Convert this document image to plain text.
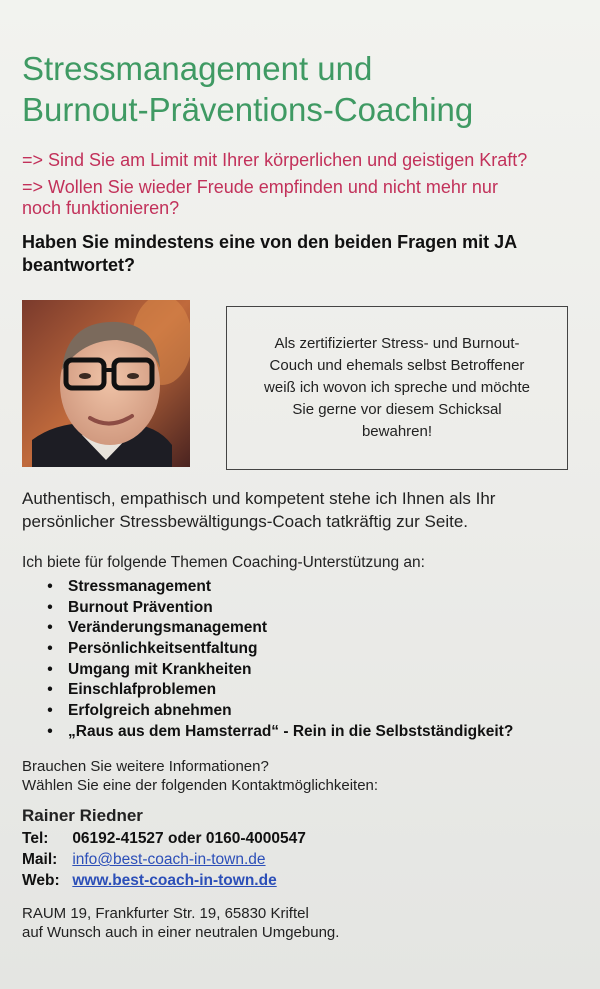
Stressmanagement und
Burnout-Präventions-Coaching
=> Sind Sie am Limit mit Ihrer körperlichen und geistigen Kraft?
=> Wollen Sie wieder Freude empfinden und nicht mehr nur
noch funktionieren?
Haben Sie mindestens eine von den beiden Fragen mit JA beantwortet?
Als zertifizierter Stress- und Burnout-Couch und ehemals selbst Betroffener weiß ich wovon ich spreche und möchte Sie gerne vor diesem Schicksal bewahren!
Authentisch, empathisch und kompetent stehe ich Ihnen als Ihr persönlicher Stressbewältigungs-Coach tatkräftig zur Seite.
Ich biete für folgende Themen Coaching-Unterstützung an:
• Stressmanagement
• Burnout Prävention
• Veränderungsmanagement
• Persönlichkeitsentfaltung
• Umgang mit Krankheiten
• Einschlafproblemen
• Erfolgreich abnehmen
• „Raus aus dem Hamsterrad“ - Rein in die Selbstständigkeit?
Brauchen Sie weitere Informationen?
Wählen Sie eine der folgenden Kontaktmöglichkeiten:
Rainer Riedner
Tel: 06192-41527 oder 0160-4000547
Mail: info@best-coach-in-town.de
Web: www.best-coach-in-town.de
RAUM 19, Frankfurter Str. 19, 65830 Kriftel
auf Wunsch auch in einer neutralen Umgebung.
